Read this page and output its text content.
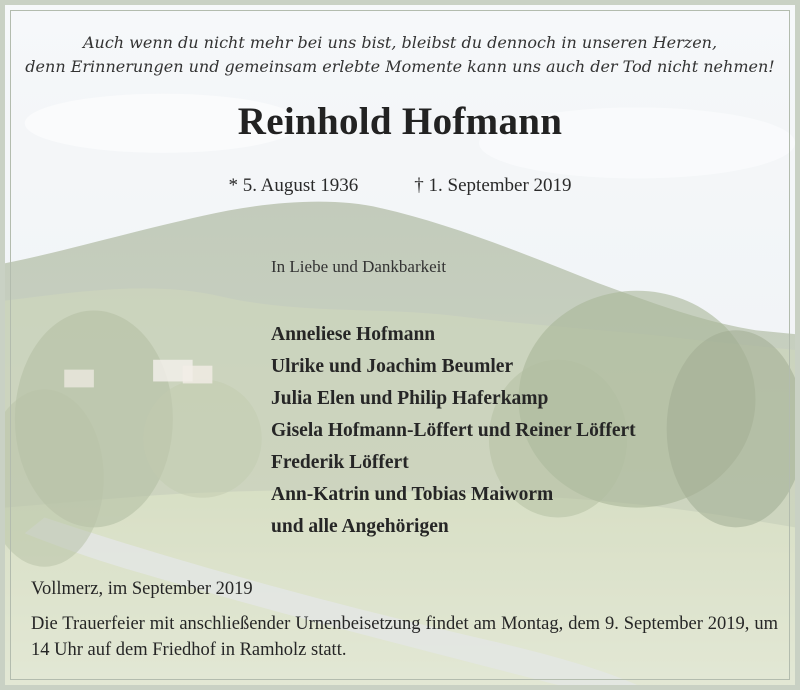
Auch wenn du nicht mehr bei uns bist, bleibst du dennoch in unseren Herzen,
denn Erinnerungen und gemeinsam erlebte Momente kann uns auch der Tod nicht nehmen!
Reinhold Hofmann
* 5. August 1936	† 1. September 2019
In Liebe und Dankbarkeit
Anneliese Hofmann
Ulrike und Joachim Beumler
Julia Elen und Philip Haferkamp
Gisela Hofmann-Löffert und Reiner Löffert
Frederik Löffert
Ann-Katrin und Tobias Maiworm
und alle Angehörigen
Vollmerz, im September 2019

Die Trauerfeier mit anschließender Urnenbeisetzung findet am Montag, dem 9. September 2019, um 14 Uhr auf dem Friedhof in Ramholz statt.
